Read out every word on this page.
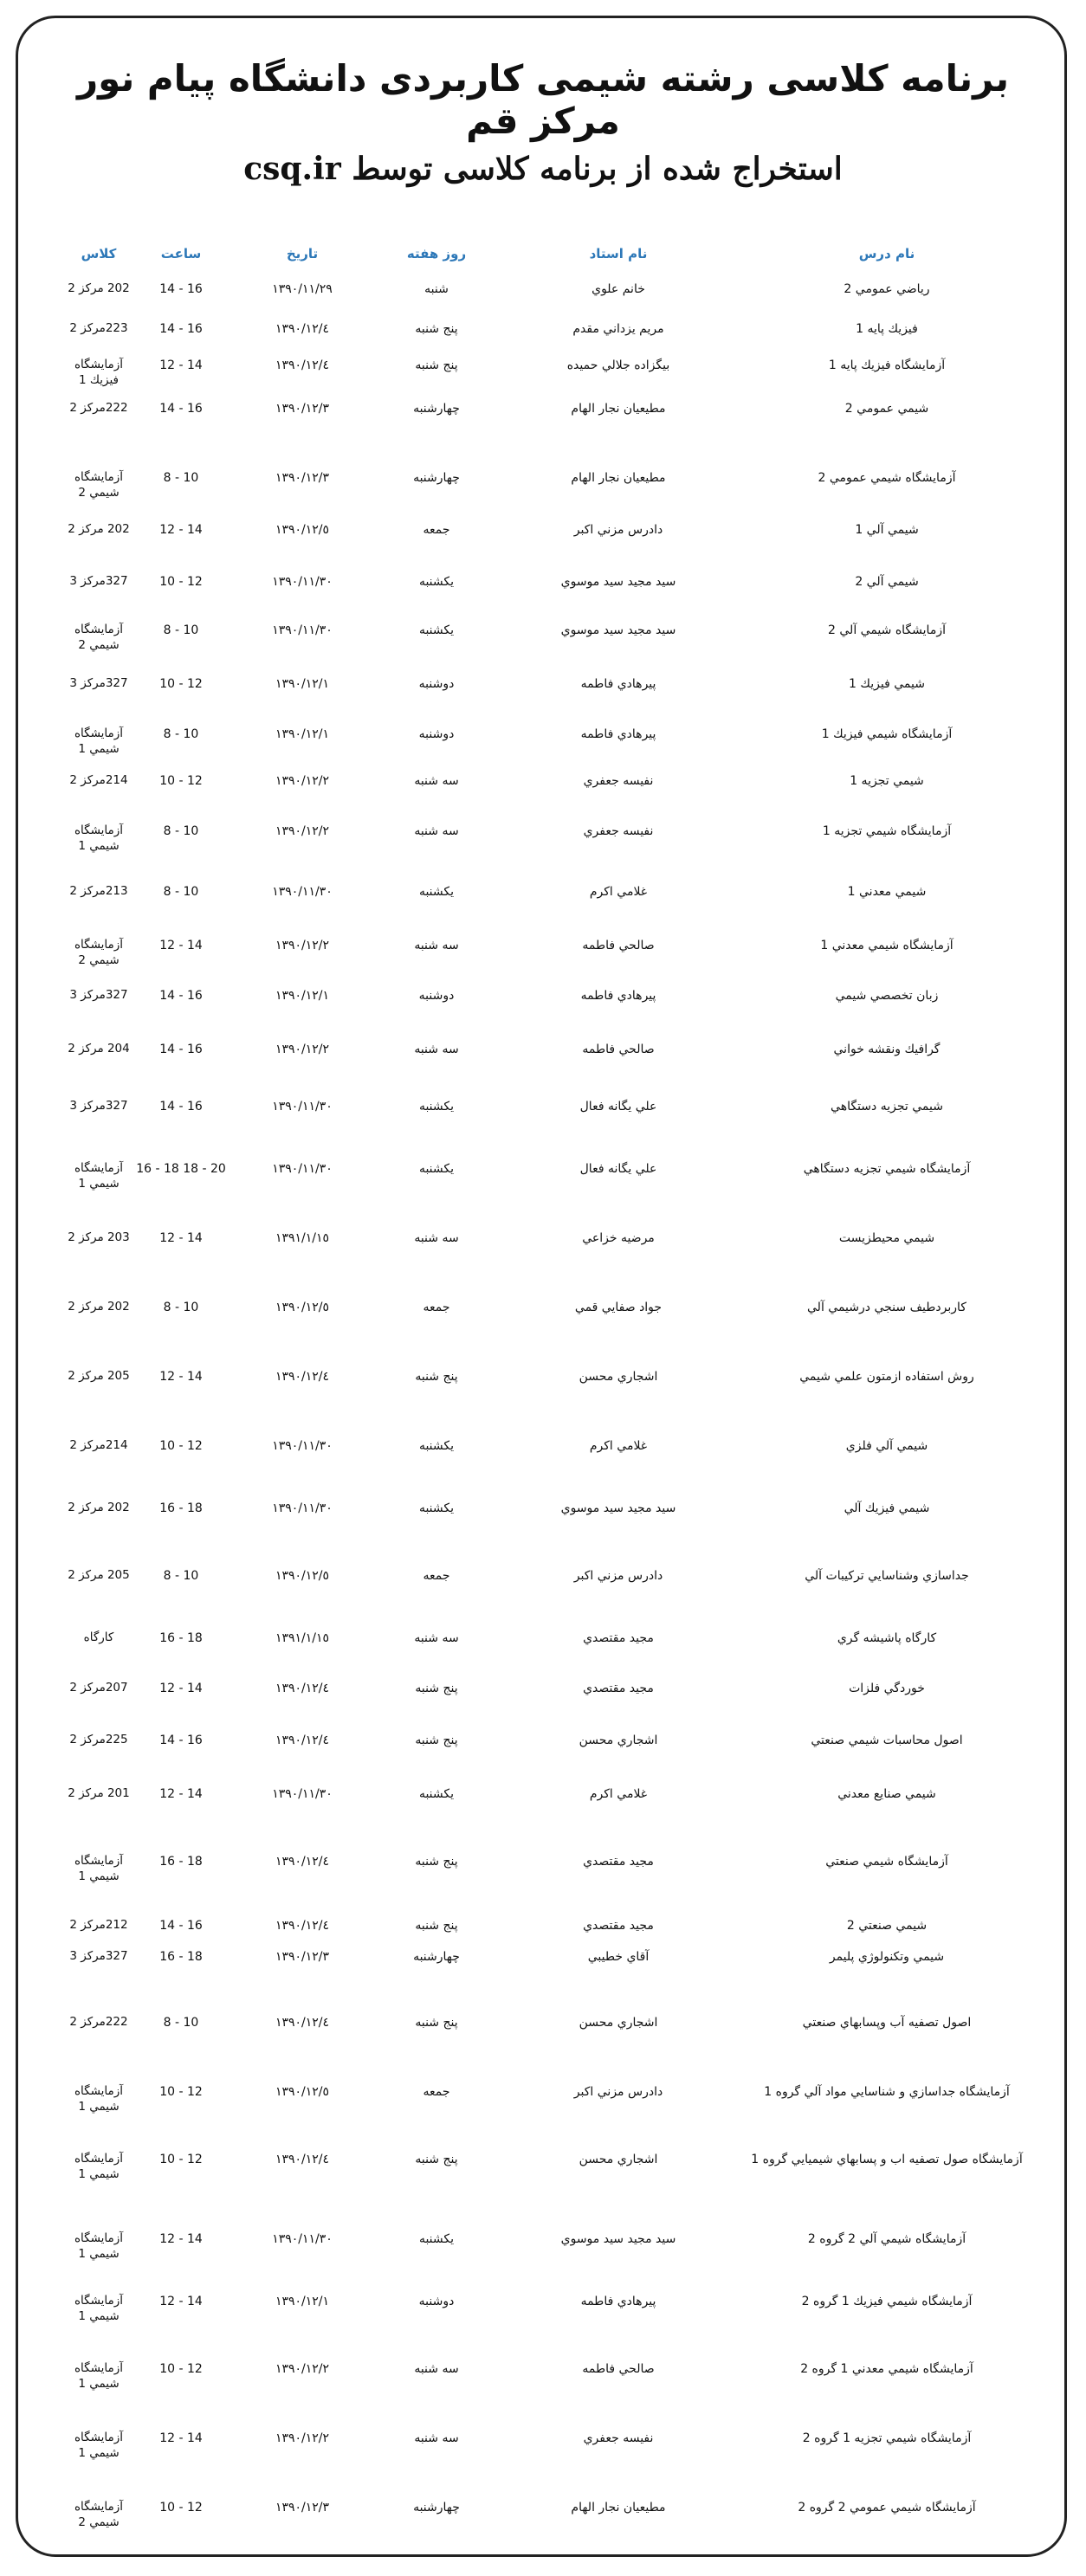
برنامه کلاسی رشته شیمی کاربردی دانشگاه پیام نور مرکز قم
استخراج شده از برنامه کلاسی توسط csq.ir
نام درس
نام استاد
روز هفته
تاريخ
ساعت
کلاس
رياضي عمومي 2
خانم علوي
شنبه
١٣٩٠/١١/٢٩
14 - 16
202 مركز 2
فيزيك پايه 1
مريم يزداني مقدم
پنج شنبه
١٣٩٠/١٢/٤
14 - 16
223مركز 2
آزمايشگاه فيزيك پايه 1
بيگزاده جلالي حميده
پنج شنبه
١٣٩٠/١٢/٤
12 - 14
آزمايشگاه فيزيك 1
شيمي عمومي 2
مطيعيان نجار الهام
چهارشنبه
١٣٩٠/١٢/٣
14 - 16
222مركز 2
آزمايشگاه شيمي عمومي 2
مطيعيان نجار الهام
چهارشنبه
١٣٩٠/١٢/٣
8 - 10
آزمايشگاه شيمي 2
شيمي آلي 1
دادرس مزني اكبر
جمعه
١٣٩٠/١٢/٥
12 - 14
202 مركز 2
شيمي آلي 2
سيد مجيد سيد موسوي
يكشنبه
١٣٩٠/١١/٣٠
10 - 12
327مركز 3
آزمايشگاه شيمي آلي 2
سيد مجيد سيد موسوي
يكشنبه
١٣٩٠/١١/٣٠
8 - 10
آزمايشگاه شيمي 2
شيمي فيزيك 1
پيرهادي فاطمه
دوشنبه
١٣٩٠/١٢/١
10 - 12
327مركز 3
آزمايشگاه شيمي فيزيك 1
پيرهادي فاطمه
دوشنبه
١٣٩٠/١٢/١
8 - 10
آزمايشگاه شيمي 1
شيمي تجزيه 1
نفيسه جعفري
سه شنبه
١٣٩٠/١٢/٢
10 - 12
214مركز 2
آزمايشگاه شيمي تجزيه 1
نفيسه جعفري
سه شنبه
١٣٩٠/١٢/٢
8 - 10
آزمايشگاه شيمي 1
شيمي معدني 1
غلامي اكرم
يكشنبه
١٣٩٠/١١/٣٠
8 - 10
213مركز 2
آزمايشگاه شيمي معدني 1
صالحي فاطمه
سه شنبه
١٣٩٠/١٢/٢
12 - 14
آزمايشگاه شيمي 2
زبان تخصصي شيمي
پيرهادي فاطمه
دوشنبه
١٣٩٠/١٢/١
14 - 16
327مركز 3
گرافيك ونقشه خواني
صالحي فاطمه
سه شنبه
١٣٩٠/١٢/٢
14 - 16
204 مركز 2
شيمي تجزيه دستگاهي
علي يگانه فعال
يكشنبه
١٣٩٠/١١/٣٠
14 - 16
327مركز 3
آزمايشگاه شيمي تجزيه دستگاهي
علي يگانه فعال
يكشنبه
١٣٩٠/١١/٣٠
16 - 18 18 - 20
آزمايشگاه شيمي 1
شيمي محيطزيست
مرضيه خزاعي
سه شنبه
١٣٩١/١/١٥
12 - 14
203 مركز 2
كاربردطيف سنجي درشيمي آلي
جواد صفايي قمي
جمعه
١٣٩٠/١٢/٥
8 - 10
202 مركز 2
روش استفاده ازمتون علمي شيمي
اشجاري محسن
پنج شنبه
١٣٩٠/١٢/٤
12 - 14
205 مركز 2
شيمي آلي فلزي
غلامي اكرم
يكشنبه
١٣٩٠/١١/٣٠
10 - 12
214مركز 2
شيمي فيزيك آلي
سيد مجيد سيد موسوي
يكشنبه
١٣٩٠/١١/٣٠
16 - 18
202 مركز 2
جداسازي وشناسايي تركيبات آلي
دادرس مزني اكبر
جمعه
١٣٩٠/١٢/٥
8 - 10
205 مركز 2
كارگاه پاشيشه گري
مجيد مقتصدي
سه شنبه
١٣٩١/١/١٥
16 - 18
كارگاه
خوردگي فلزات
مجيد مقتصدي
پنج شنبه
١٣٩٠/١٢/٤
12 - 14
207مركز 2
اصول محاسبات شيمي صنعتي
اشجاري محسن
پنج شنبه
١٣٩٠/١٢/٤
14 - 16
225مركز 2
شيمي صنايع معدني
غلامي اكرم
يكشنبه
١٣٩٠/١١/٣٠
12 - 14
201 مركز 2
آزمايشگاه شيمي صنعتي
مجيد مقتصدي
پنج شنبه
١٣٩٠/١٢/٤
16 - 18
آزمايشگاه شيمي 1
شيمي صنعتي 2
مجيد مقتصدي
پنج شنبه
١٣٩٠/١٢/٤
14 - 16
212مركز 2
شيمي وتكنولوژي پليمر
آقاي خطيبي
چهارشنبه
١٣٩٠/١٢/٣
16 - 18
327مركز 3
اصول تصفيه آب وپسابهاي صنعتي
اشجاري محسن
پنج شنبه
١٣٩٠/١٢/٤
8 - 10
222مركز 2
آزمايشگاه جداسازي و شناسايي مواد آلي گروه 1
دادرس مزني اكبر
جمعه
١٣٩٠/١٢/٥
10 - 12
آزمايشگاه شيمي 1
آزمايشگاه صول تصفيه اب و پسابهاي شيميايي گروه 1
اشجاري محسن
پنج شنبه
١٣٩٠/١٢/٤
10 - 12
آزمايشگاه شيمي 1
آزمايشگاه شيمي آلي 2 گروه 2
سيد مجيد سيد موسوي
يكشنبه
١٣٩٠/١١/٣٠
12 - 14
آزمايشگاه شيمي 1
آزمايشگاه شيمي فيزيك 1 گروه 2
پيرهادي فاطمه
دوشنبه
١٣٩٠/١٢/١
12 - 14
آزمايشگاه شيمي 1
آزمايشگاه شيمي معدني 1 گروه 2
صالحي فاطمه
سه شنبه
١٣٩٠/١٢/٢
10 - 12
آزمايشگاه شيمي 1
آزمايشگاه شيمي تجزيه 1 گروه 2
نفيسه جعفري
سه شنبه
١٣٩٠/١٢/٢
12 - 14
آزمايشگاه شيمي 1
آزمايشگاه شيمي عمومي 2 گروه 2
مطيعيان نجار الهام
چهارشنبه
١٣٩٠/١٢/٣
10 - 12
آزمايشگاه شيمي 2
